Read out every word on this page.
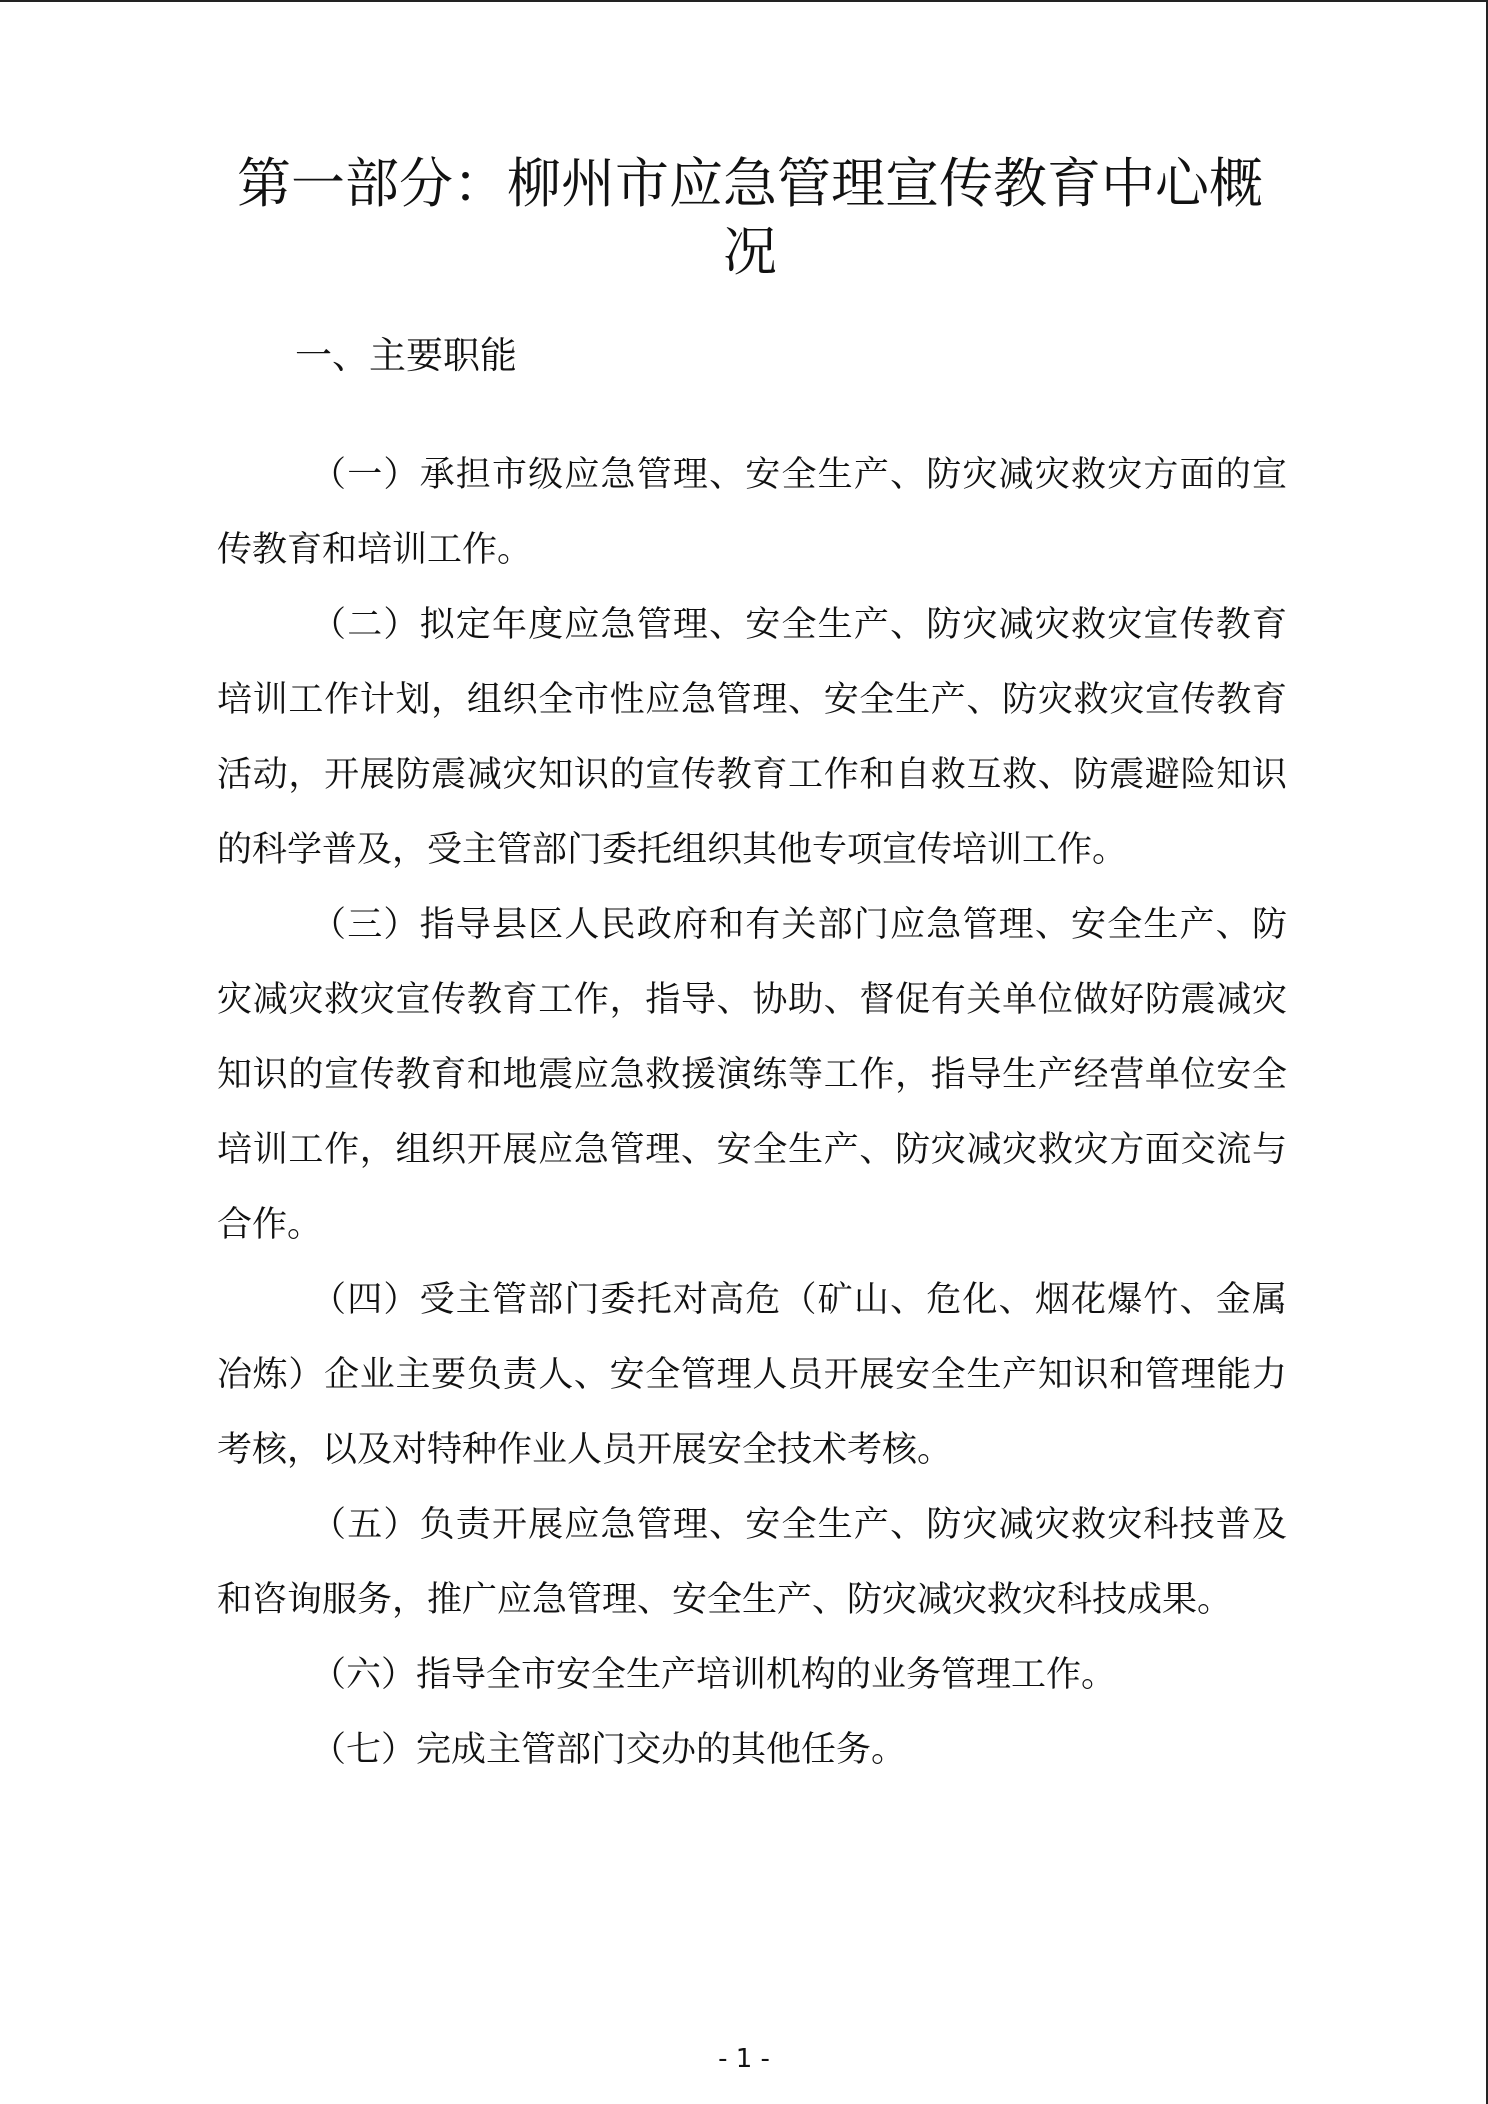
第一部分：柳州市应急管理宣传教育中心概况
一、主要职能

（一）承担市级应急管理、安全生产、防灾减灾救灾方面的宣传教育和培训工作。

（二）拟定年度应急管理、安全生产、防灾减灾救灾宣传教育培训工作计划，组织全市性应急管理、安全生产、防灾救灾宣传教育活动，开展防震减灾知识的宣传教育工作和自救互救、防震避险知识的科学普及，受主管部门委托组织其他专项宣传培训工作。

（三）指导县区人民政府和有关部门应急管理、安全生产、防灾减灾救灾宣传教育工作，指导、协助、督促有关单位做好防震减灾知识的宣传教育和地震应急救援演练等工作，指导生产经营单位安全培训工作，组织开展应急管理、安全生产、防灾减灾救灾方面交流与合作。

（四）受主管部门委托对高危（矿山、危化、烟花爆竹、金属冶炼）企业主要负责人、安全管理人员开展安全生产知识和管理能力考核，以及对特种作业人员开展安全技术考核。

（五）负责开展应急管理、安全生产、防灾减灾救灾科技普及和咨询服务，推广应急管理、安全生产、防灾减灾救灾科技成果。

（六）指导全市安全生产培训机构的业务管理工作。

（七）完成主管部门交办的其他任务。

- 1 -
